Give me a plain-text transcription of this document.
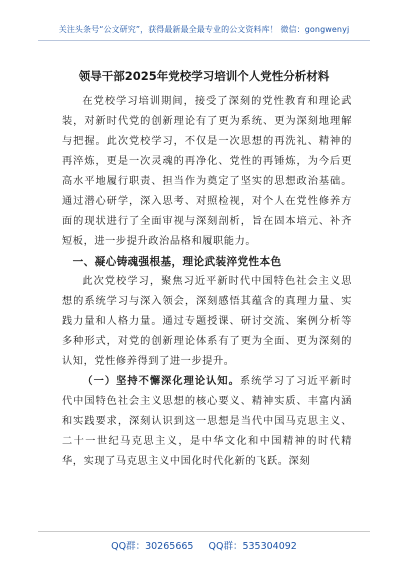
关注头条号“公文研究”，获得最新最全最专业的公文资料库！ 微信：gongwenyj
领导干部2025年党校学习培训个人党性分析材料

在党校学习培训期间，接受了深刻的党性教育和理论武装，对新时代党的创新理论有了更为系统、更为深刻地理解与把握。此次党校学习，不仅是一次思想的再洗礼、精神的再淬炼，更是一次灵魂的再净化、党性的再锤炼，为今后更高水平地履行职责、担当作为奠定了坚实的思想政治基础。通过潜心研学，深入思考、对照检视，对个人在党性修养方面的现状进行了全面审视与深刻剖析，旨在固本培元、补齐短板，进一步提升政治品格和履职能力。

一、凝心铸魂强根基，理论武装淬党性本色

此次党校学习，聚焦习近平新时代中国特色社会主义思想的系统学习与深入领会，深刻感悟其蕴含的真理力量、实践力量和人格力量。通过专题授课、研讨交流、案例分析等多种形式，对党的创新理论体系有了更为全面、更为深刻的认知，党性修养得到了进一步提升。

（一）坚持不懈深化理论认知。系统学习了习近平新时代中国特色社会主义思想的核心要义、精神实质、丰富内涵和实践要求，深刻认识到这一思想是当代中国马克思主义、二十一世纪马克思主义，是中华文化和中国精神的时代精华，实现了马克思主义中国化时代化新的飞跃。深刻

QQ群：30265665 QQ群：535304092
